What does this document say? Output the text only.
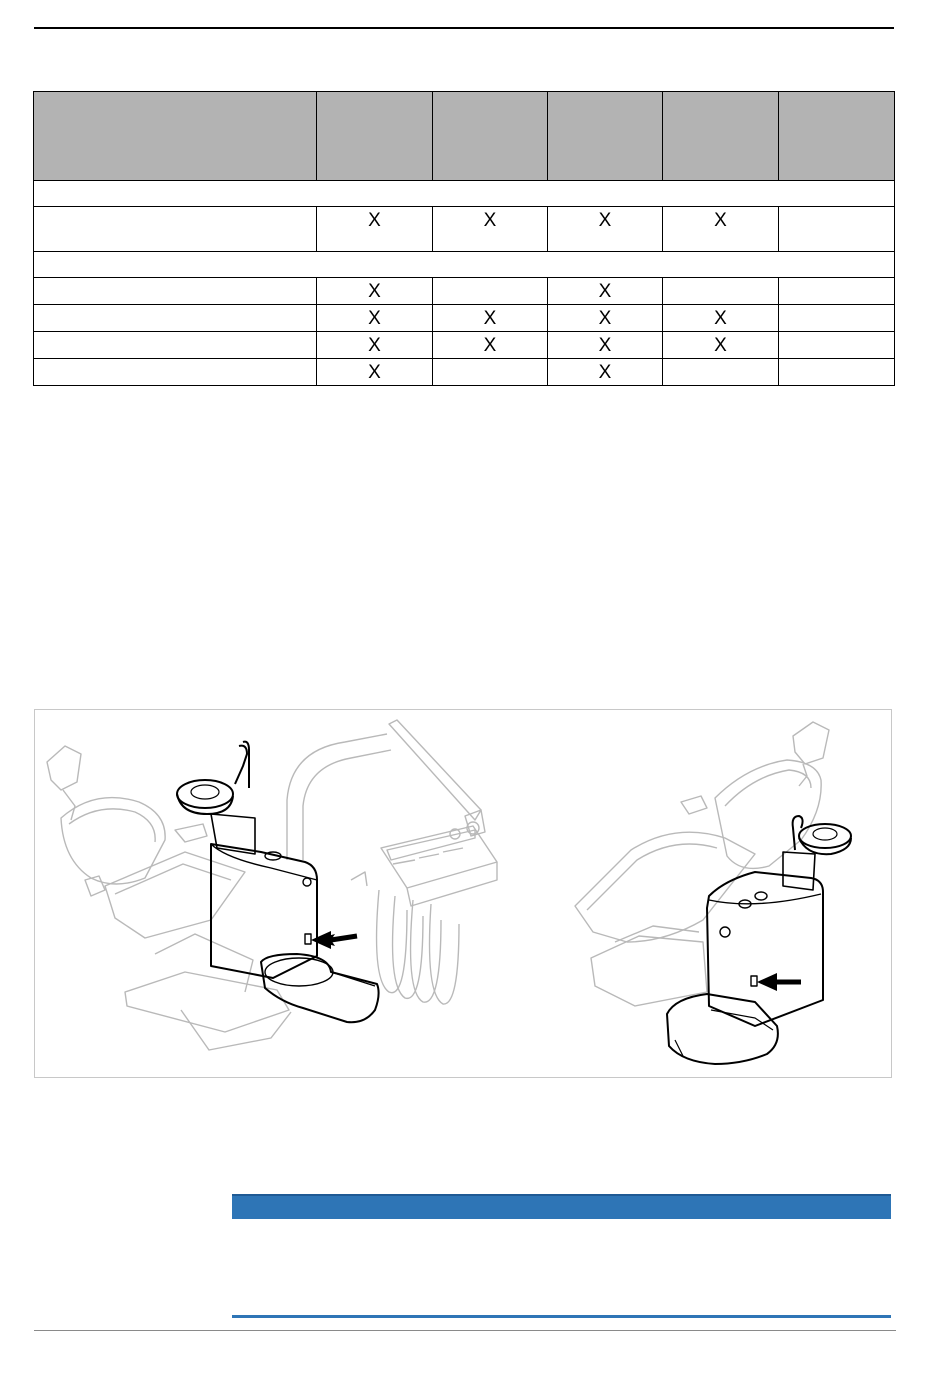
	X	X	X	X	

	X		X		
	X	X	X	X	
	X	X	X	X	
	X		X		
